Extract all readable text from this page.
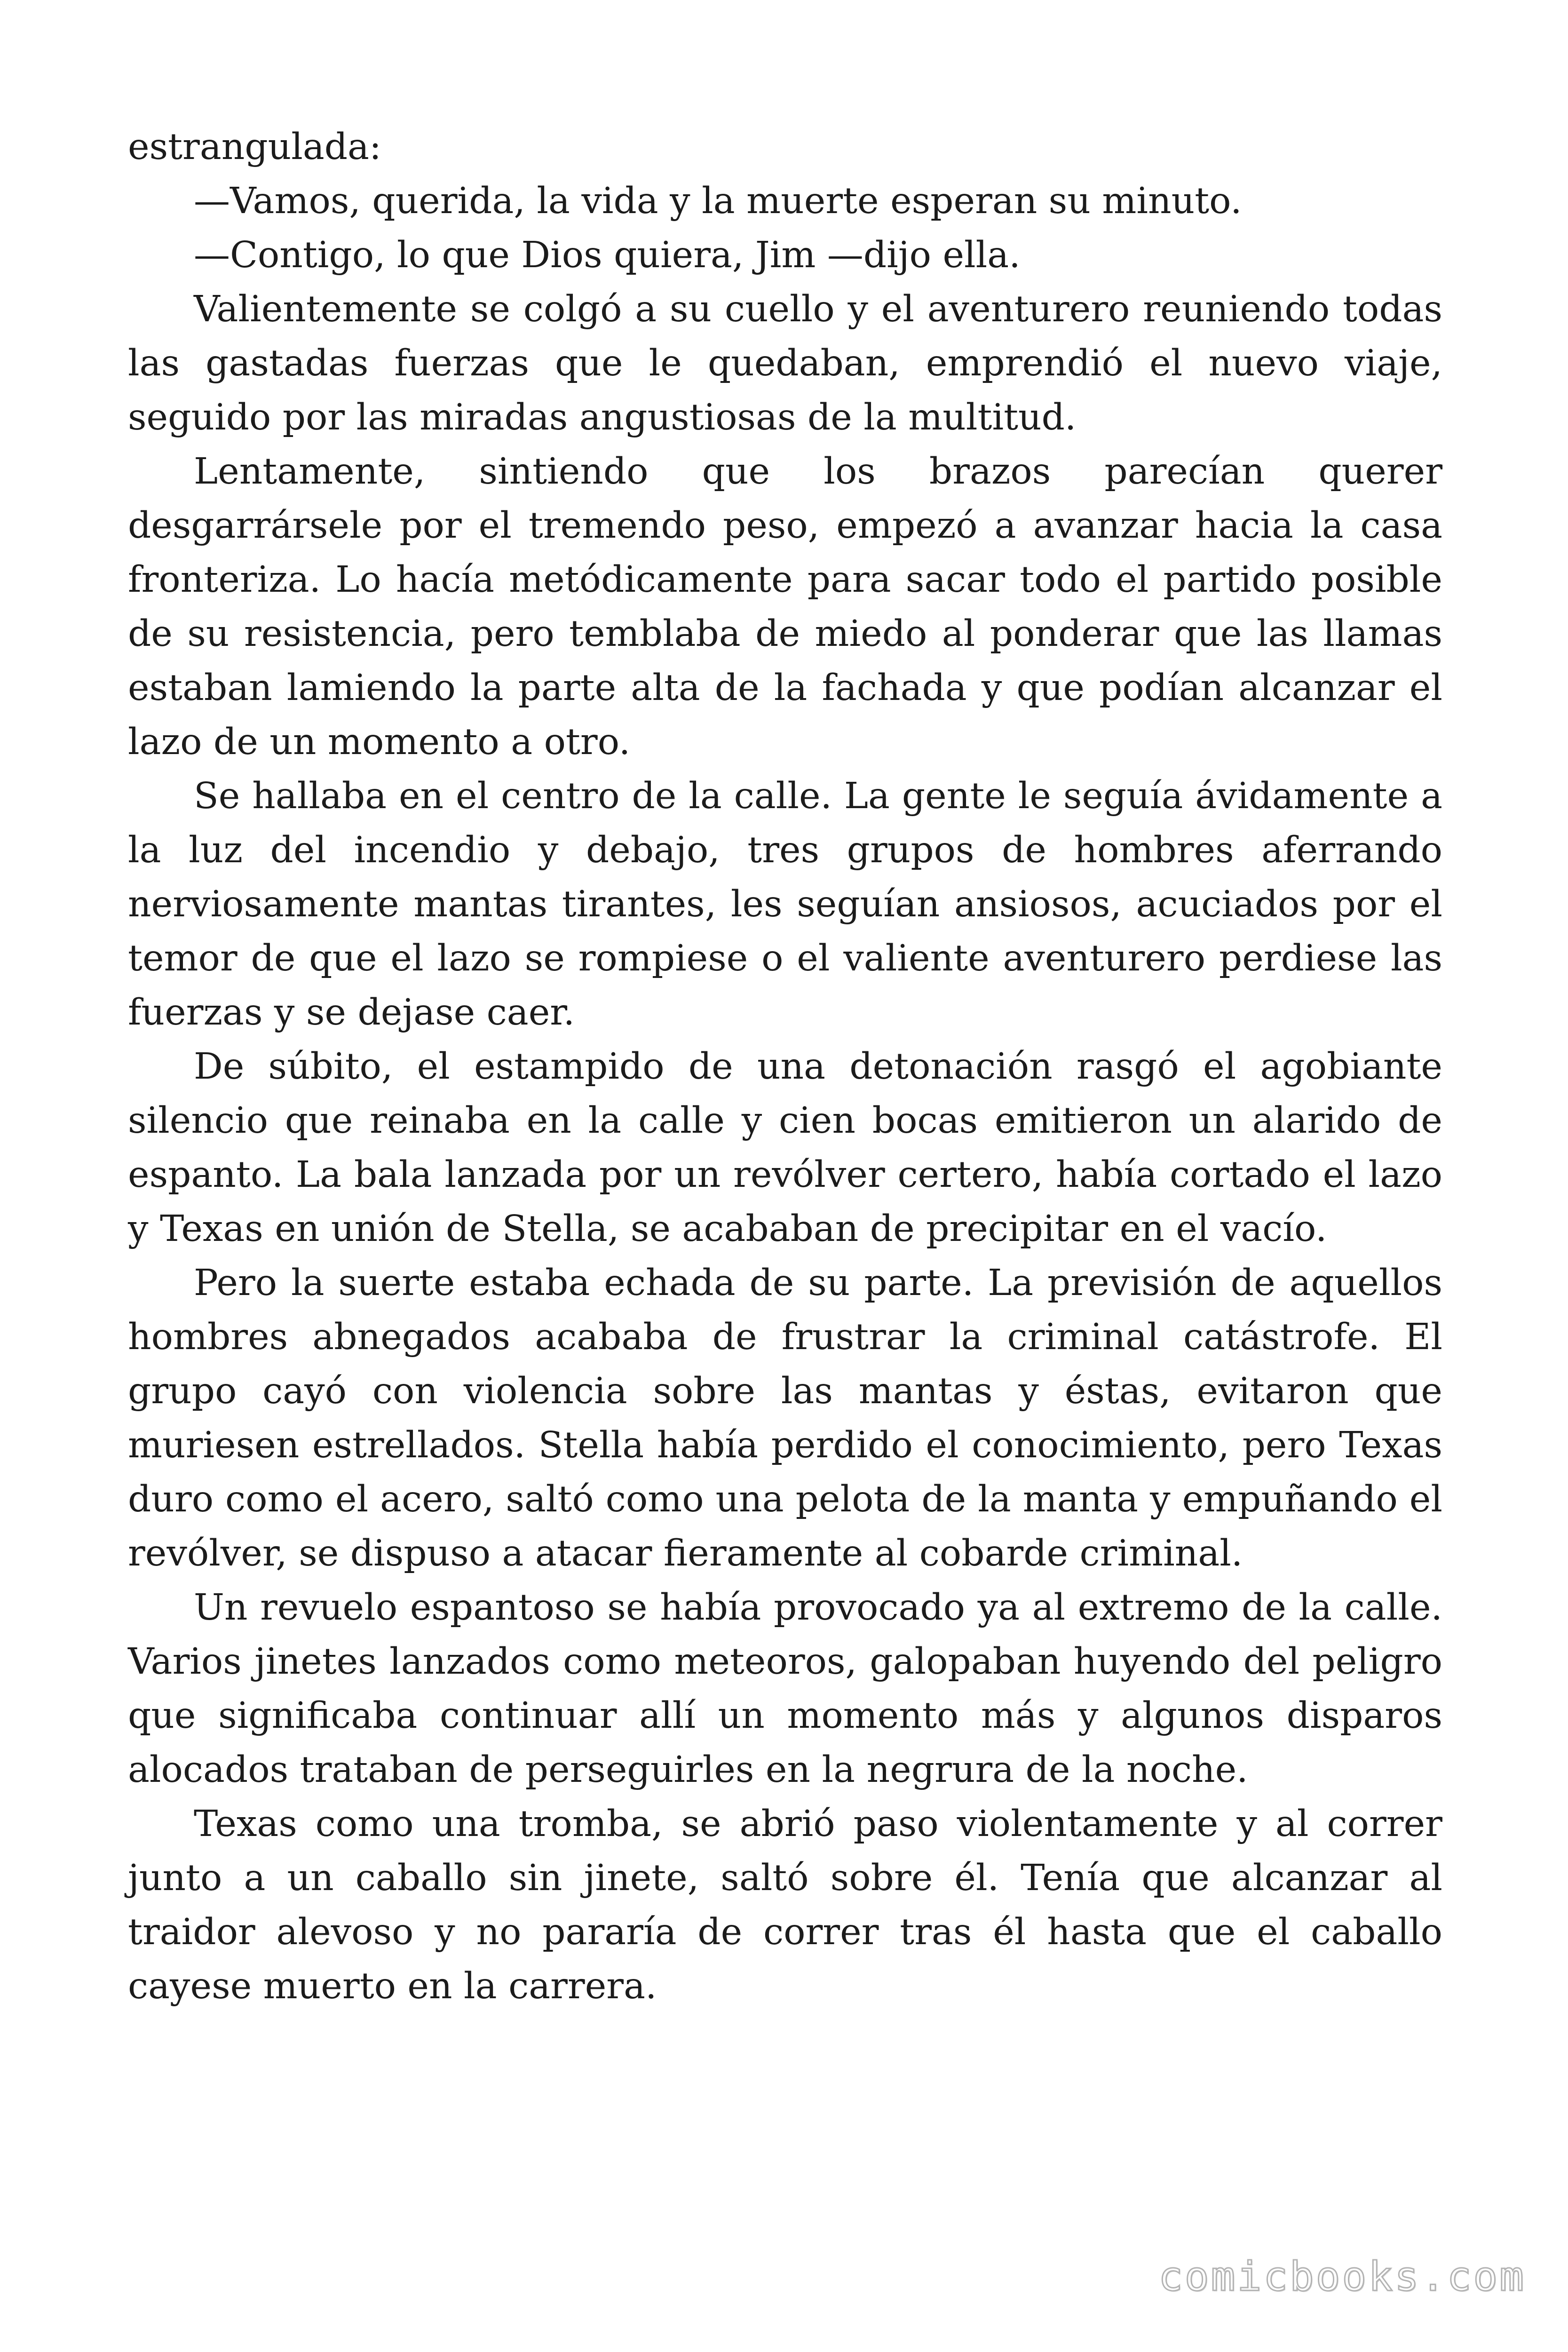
estrangulada:

—Vamos, querida, la vida y la muerte esperan su minuto.

—Contigo, lo que Dios quiera, Jim —dijo ella.

Valientemente se colgó a su cuello y el aventurero reuniendo todas las gastadas fuerzas que le quedaban, emprendió el nuevo viaje, seguido por las miradas angustiosas de la multitud.

Lentamente, sintiendo que los brazos parecían querer desgarrársele por el tremendo peso, empezó a avanzar hacia la casa fronteriza. Lo hacía metódicamente para sacar todo el partido posible de su resistencia, pero temblaba de miedo al ponderar que las llamas estaban lamiendo la parte alta de la fachada y que podían alcanzar el lazo de un momento a otro.

Se hallaba en el centro de la calle. La gente le seguía ávidamente a la luz del incendio y debajo, tres grupos de hombres aferrando nerviosamente mantas tirantes, les seguían ansiosos, acuciados por el temor de que el lazo se rompiese o el valiente aventurero perdiese las fuerzas y se dejase caer.

De súbito, el estampido de una detonación rasgó el agobiante silencio que reinaba en la calle y cien bocas emitieron un alarido de espanto. La bala lanzada por un revólver certero, había cortado el lazo y Texas en unión de Stella, se acababan de precipitar en el vacío.

Pero la suerte estaba echada de su parte. La previsión de aquellos hombres abnegados acababa de frustrar la criminal catástrofe. El grupo cayó con violencia sobre las mantas y éstas, evitaron que muriesen estrellados. Stella había perdido el conocimiento, pero Texas duro como el acero, saltó como una pelota de la manta y empuñando el revólver, se dispuso a atacar fieramente al cobarde criminal.

Un revuelo espantoso se había provocado ya al extremo de la calle. Varios jinetes lanzados como meteoros, galopaban huyendo del peligro que significaba continuar allí un momento más y algunos disparos alocados trataban de perseguirles en la negrura de la noche.

Texas como una tromba, se abrió paso violentamente y al correr junto a un caballo sin jinete, saltó sobre él. Tenía que alcanzar al traidor alevoso y no pararía de correr tras él hasta que el caballo cayese muerto en la carrera.

comicbooks.com
